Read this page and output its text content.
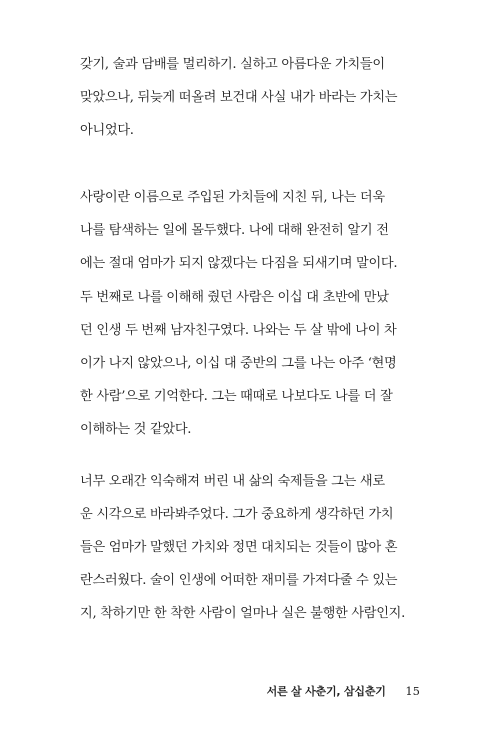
갖기, 술과 담배를 멀리하기. 실하고 아름다운 가치들이
맞았으나, 뒤늦게 떠올려 보건대 사실 내가 바라는 가치는
아니었다.
사랑이란 이름으로 주입된 가치들에 지친 뒤, 나는 더욱
나를 탐색하는 일에 몰두했다. 나에 대해 완전히 알기 전
에는 절대 엄마가 되지 않겠다는 다짐을 되새기며 말이다.
두 번째로 나를 이해해 줬던 사람은 이십 대 초반에 만났
던 인생 두 번째 남자친구였다. 나와는 두 살 밖에 나이 차
이가 나지 않았으나, 이십 대 중반의 그를 나는 아주 ‘현명
한 사람’으로 기억한다. 그는 때때로 나보다도 나를 더 잘
이해하는 것 같았다.
너무 오래간 익숙해져 버린 내 삶의 숙제들을 그는 새로
운 시각으로 바라봐주었다. 그가 중요하게 생각하던 가치
들은 엄마가 말했던 가치와 정면 대치되는 것들이 많아 혼
란스러웠다. 술이 인생에 어떠한 재미를 가져다줄 수 있는
지, 착하기만 한 착한 사람이 얼마나 실은 불행한 사람인지.
서른 살 사춘기, 삼십춘기 15
